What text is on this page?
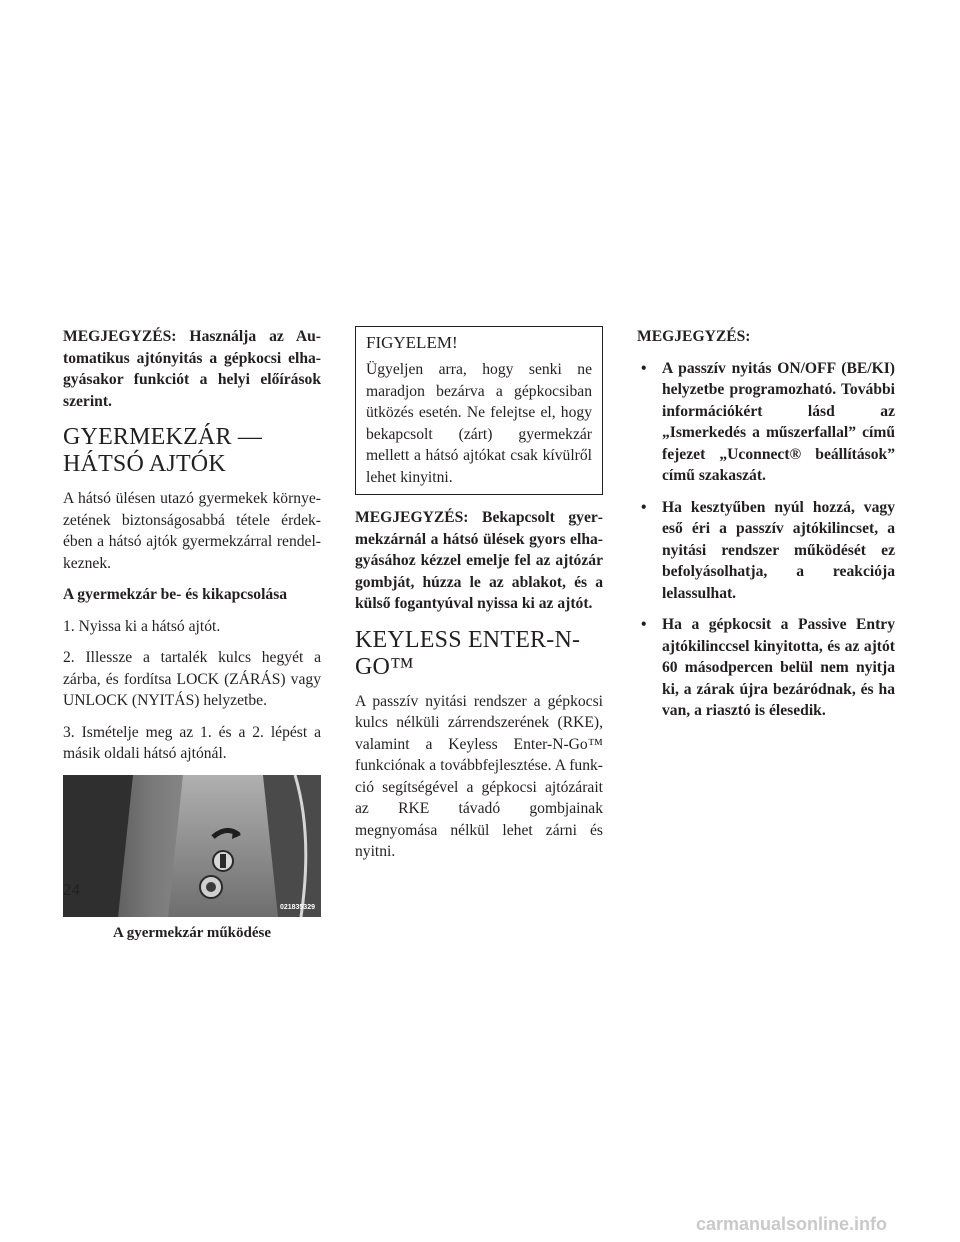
MEGJEGYZÉS: Használja az Automatikus ajtónyitás a gépkocsi elhagyásakor funkciót a helyi előírások szerint.

GYERMEKZÁR — HÁTSÓ AJTÓK

A hátsó ülésen utazó gyermekek környezetének biztonságosabbá tétele érdekében a hátsó ajtók gyermekzárral rendelkeznek.

A gyermekzár be- és kikapcsolása

1. Nyissa ki a hátsó ajtót.

2. Illessze a tartalék kulcs hegyét a zárba, és fordítsa LOCK (ZÁRÁS) vagy UNLOCK (NYITÁS) helyzetbe.

3. Ismételje meg az 1. és a 2. lépést a másik oldali hátsó ajtónál.

021835329

A gyermekzár működése

FIGYELEM!

Ügyeljen arra, hogy senki ne maradjon bezárva a gépkocsiban ütközés esetén. Ne felejtse el, hogy bekapcsolt (zárt) gyermekzár mellett a hátsó ajtókat csak kívülről lehet kinyitni.

MEGJEGYZÉS: Bekapcsolt gyermekzárnál a hátsó ülések gyors elhagyásához kézzel emelje fel az ajtózár gombját, húzza le az ablakot, és a külső fogantyúval nyissa ki az ajtót.

KEYLESS ENTER-N-GO™

A passzív nyitási rendszer a gépkocsi kulcs nélküli zárrendszerének (RKE), valamint a Keyless Enter-N-Go™ funkciónak a továbbfejlesztése. A funkció segítségével a gépkocsi ajtózárait az RKE távadó gombjainak megnyomása nélkül lehet zárni és nyitni.

MEGJEGYZÉS:

• A passzív nyitás ON/OFF (BE/KI) helyzetbe programozható. További információkért lásd az „Ismerkedés a műszerfallal” című fejezet „Uconnect® beállítások” című szakaszát.
• Ha kesztyűben nyúl hozzá, vagy eső éri a passzív ajtókilincset, a nyitási rendszer működését ez befolyásolhatja, a reakciója lelassulhat.
• Ha a gépkocsit a Passive Entry ajtókilinccsel kinyitotta, és az ajtót 60 másodpercen belül nem nyitja ki, a zárak újra bezáródnak, és ha van, a riasztó is élesedik.
24
carmanualsonline.info
